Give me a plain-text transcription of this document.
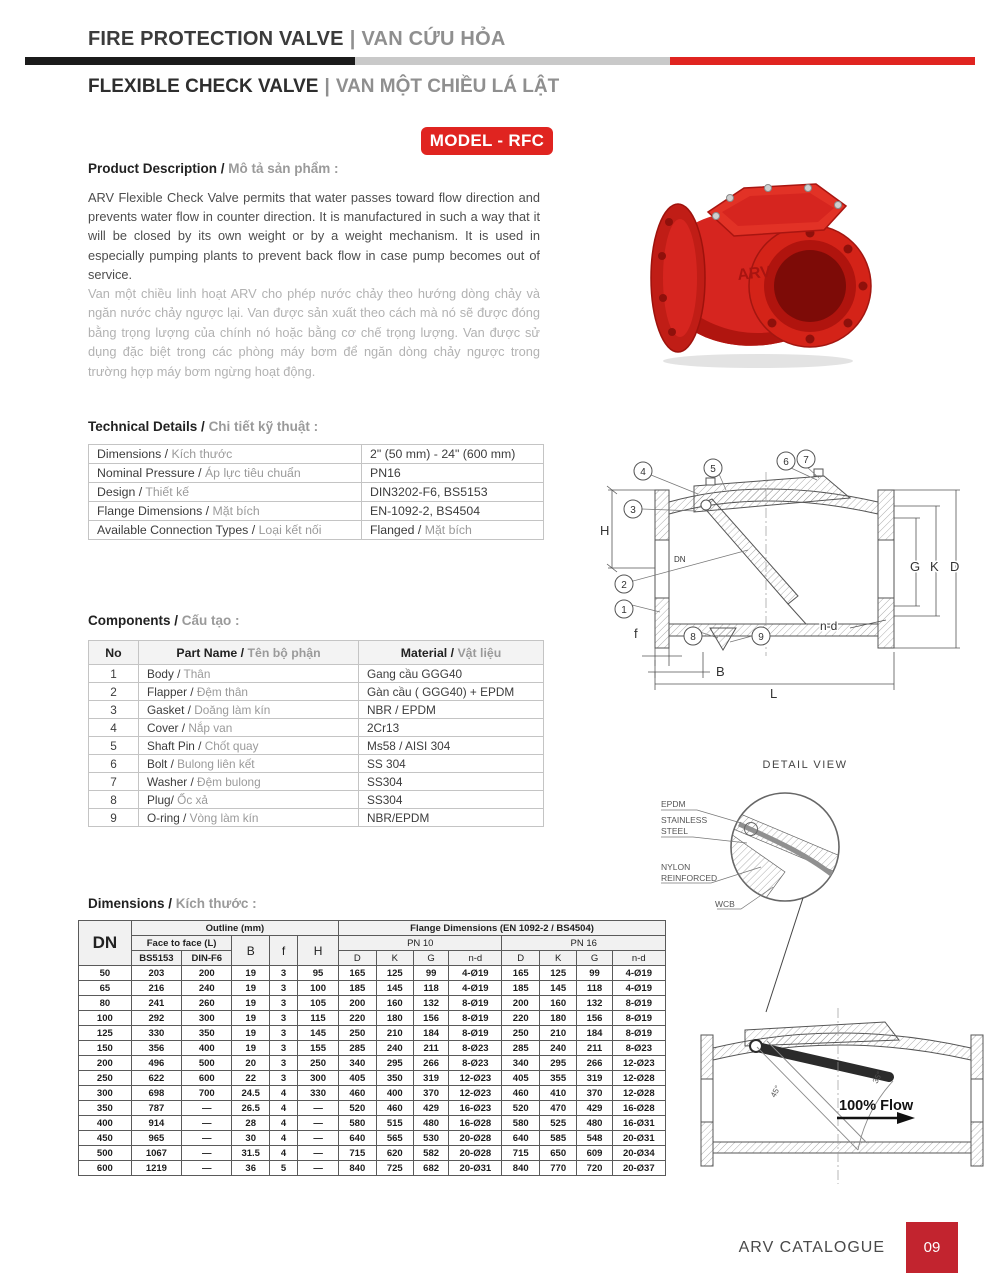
FIRE PROTECTION VALVE | VAN CỨU HỎA
FLEXIBLE CHECK VALVE | VAN MỘT CHIỀU LÁ LẬT
MODEL - RFC
Product Description / Mô tả sản phẩm :

ARV Flexible Check Valve permits that water passes toward flow direction and prevents water flow in counter direction. It is manufactured in such a way that it will be closed by its own weight or by a weight mechanism. It is used in especially pumping plants to prevent back flow in case pump becomes out of service.

Van một chiều linh hoạt ARV cho phép nước chảy theo hướng dòng chảy và ngăn nước chảy ngược lại. Van được sản xuất theo cách mà nó sẽ được đóng bằng trọng lượng của chính nó hoặc bằng cơ chế trọng lượng. Van được sử dụng đặc biệt trong các phòng máy bơm để ngăn dòng chảy ngược trong trường hợp máy bơm ngừng hoạt động.

ARV
Technical Details / Chi tiết kỹ thuật :
Dimensions / Kích thước	2" (50 mm) - 24" (600 mm)
Nominal Pressure / Áp lực tiêu chuẩn	PN16
Design / Thiết kế	DIN3202-F6, BS5153
Flange Dimensions / Mặt bích	EN-1092-2, BS4504
Available Connection Types / Loại kết nối	Flanged / Mặt bích	H
G K D
f
B
L
n-d
DN
1
2
3
4	5
6 7
8	9
Components / Cấu tạo :
No	Part Name / Tên bộ phận	Material / Vật liệu
1	Body / Thân	Gang cầu GGG40
2	Flapper / Đệm thân	Gàn cầu ( GGG40) + EPDM
3	Gasket / Doăng làm kín	NBR / EPDM
4	Cover / Nắp van	2Cr13
5	Shaft Pin / Chốt quay	Ms58 / AISI 304
6	Bolt / Bulong liên kết	SS 304
7	Washer / Đệm bulong	SS304
8	Plug/ Ốc xả	SS304
9	O-ring / Vòng làm kín	NBR/EPDM
DETAIL VIEW
EPDM
STAINLESS
STEEL
NYLON
REINFORCED
WCB
45°
35°
100% Flow
Dimensions / Kích thước :
DN	Outline (mm)					Flange Dimensions (EN 1092-2 / BS4504)							
	Face to face (L)		B	f	H	PN 10				PN 16			
	BS5153	DIN-F6				D	K	G	n-d	D	K	G	n-d
50	203	200	19	3	95	165	125	99	4-Ø19	165	125	99	4-Ø19
65	216	240	19	3	100	185	145	118	4-Ø19	185	145	118	4-Ø19
80	241	260	19	3	105	200	160	132	8-Ø19	200	160	132	8-Ø19
100	292	300	19	3	115	220	180	156	8-Ø19	220	180	156	8-Ø19
125	330	350	19	3	145	250	210	184	8-Ø19	250	210	184	8-Ø19
150	356	400	19	3	155	285	240	211	8-Ø23	285	240	211	8-Ø23
200	496	500	20	3	250	340	295	266	8-Ø23	340	295	266	12-Ø23
250	622	600	22	3	300	405	350	319	12-Ø23	405	355	319	12-Ø28
300	698	700	24.5	4	330	460	400	370	12-Ø23	460	410	370	12-Ø28
350	787	—	26.5	4	—	520	460	429	16-Ø23	520	470	429	16-Ø28
400	914	—	28	4	—	580	515	480	16-Ø28	580	525	480	16-Ø31
450	965	—	30	4	—	640	565	530	20-Ø28	640	585	548	20-Ø31
500	1067	—	31.5	4	—	715	620	582	20-Ø28	715	650	609	20-Ø34
600	1219	—	36	5	—	840	725	682	20-Ø31	840	770	720	20-Ø37
ARV CATALOGUE	09
